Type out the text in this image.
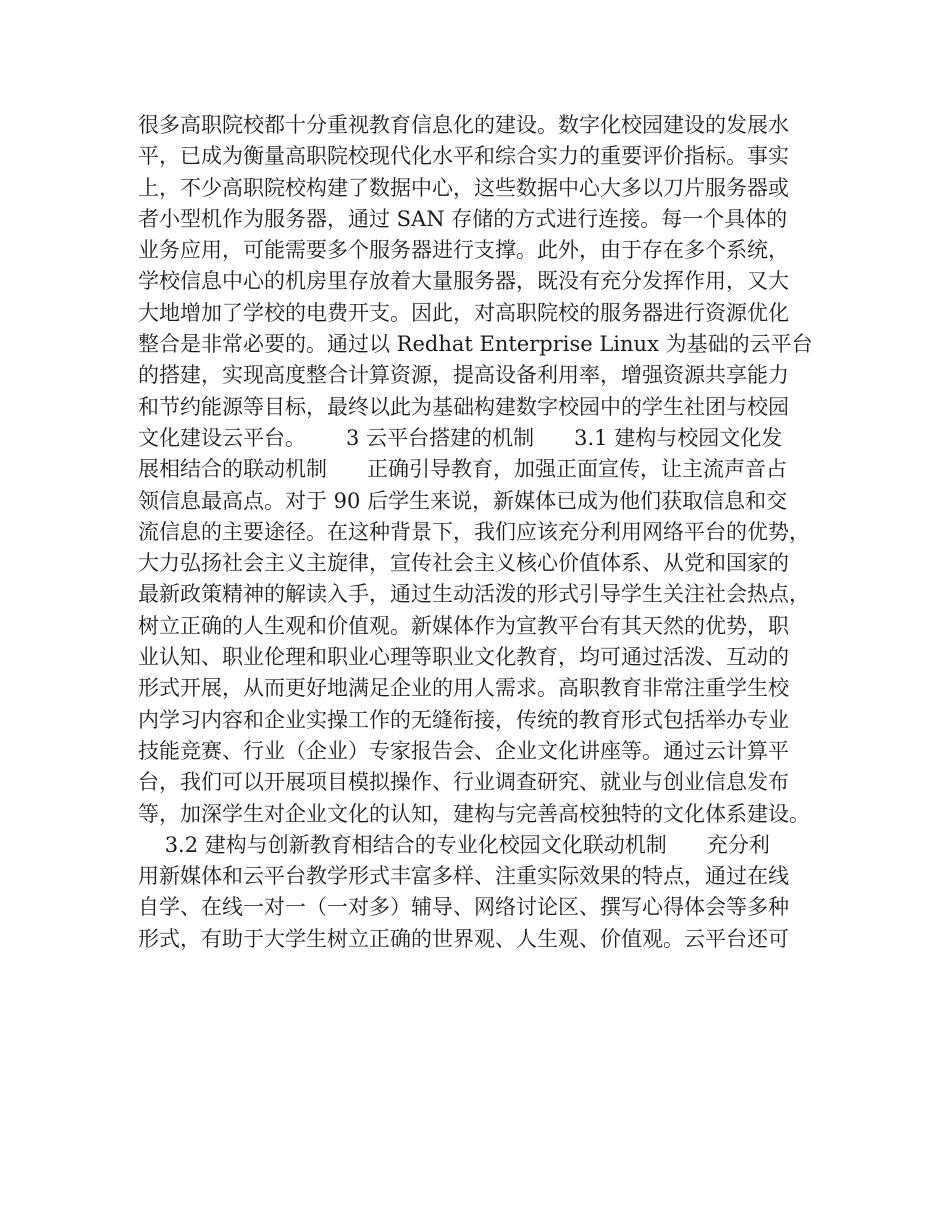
很多高职院校都十分重视教育信息化的建设。数字化校园建设的发展水
平，已成为衡量高职院校现代化水平和综合实力的重要评价指标。事实
上，不少高职院校构建了数据中心，这些数据中心大多以刀片服务器或
者小型机作为服务器，通过 SAN 存储的方式进行连接。每一个具体的
业务应用，可能需要多个服务器进行支撑。此外，由于存在多个系统，
学校信息中心的机房里存放着大量服务器，既没有充分发挥作用，又大
大地增加了学校的电费开支。因此，对高职院校的服务器进行资源优化
整合是非常必要的。通过以 Redhat Enterprise Linux 为基础的云平台
的搭建，实现高度整合计算资源，提高设备利用率，增强资源共享能力
和节约能源等目标，最终以此为基础构建数字校园中的学生社团与校园
文化建设云平台。      3 云平台搭建的机制      3.1 建构与校园文化发
展相结合的联动机制      正确引导教育，加强正面宣传，让主流声音占
领信息最高点。对于 90 后学生来说，新媒体已成为他们获取信息和交
流信息的主要途径。在这种背景下，我们应该充分利用网络平台的优势，
大力弘扬社会主义主旋律，宣传社会主义核心价值体系、从党和国家的
最新政策精神的解读入手，通过生动活泼的形式引导学生关注社会热点，
树立正确的人生观和价值观。新媒体作为宣教平台有其天然的优势，职
业认知、职业伦理和职业心理等职业文化教育，均可通过活泼、互动的
形式开展，从而更好地满足企业的用人需求。高职教育非常注重学生校
内学习内容和企业实操工作的无缝衔接，传统的教育形式包括举办专业
技能竞赛、行业（企业）专家报告会、企业文化讲座等。通过云计算平
台，我们可以开展项目模拟操作、行业调查研究、就业与创业信息发布
等，加深学生对企业文化的认知，建构与完善高校独特的文化体系建设。
3.2 建构与创新教育相结合的专业化校园文化联动机制      充分利
用新媒体和云平台教学形式丰富多样、注重实际效果的特点，通过在线
自学、在线一对一（一对多）辅导、网络讨论区、撰写心得体会等多种
形式，有助于大学生树立正确的世界观、人生观、价值观。云平台还可
